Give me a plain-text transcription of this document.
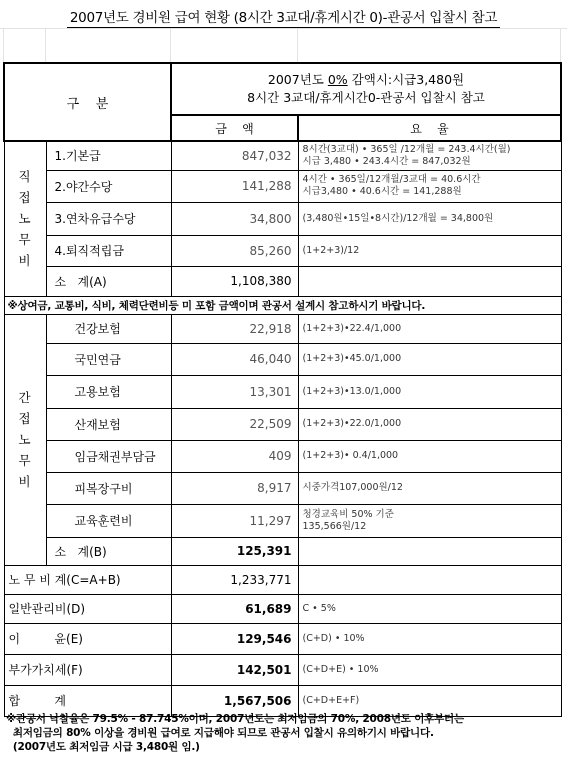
2007년도 경비원 급여 현황 (8시간 3교대/휴게시간 0)-관공서 입찰시 참고
구    분		2007년도 0% 감액시:시급3,480원
8시간 3교대/휴게시간0-관공서 입찰시 참고	
		금    액	요    율
직
접
노
무
비	1.기본급	847,032	8시간(3교대) • 365일 /12개월 = 243.4시간(월)
시급 3,480 • 243.4시간 = 847,032원
	2.야간수당	141,288	4시간 • 365일/12개월/3교대 = 40.6시간
시급3,480 • 40.6시간 = 141,288원
	3.연차유급수당	34,800	(3,480원•15일•8시간)/12개월 = 34,800원
	4.퇴직적립금	85,260	(1+2+3)/12
	소   계(A)	1,108,380	
※상여금, 교통비, 식비, 체력단련비등 미 포함 금액이며 관공서 설계시 참고하시기 바랍니다.			
간
접
노
무
비	건강보험	22,918	(1+2+3)•22.4/1,000
	국민연금	46,040	(1+2+3)•45.0/1,000
	고용보험	13,301	(1+2+3)•13.0/1,000
	산재보험	22,509	(1+2+3)•22.0/1,000
	임금채권부담금	409	(1+2+3)• 0.4/1,000
	피복장구비	8,917	시중가격107,000원/12
	교육훈련비	11,297	청경교육비 50% 기준
135,566원/12
	소   계(B)	125,391	
노 무 비 계(C=A+B)		1,233,771	
일반관리비(D)		61,689	C • 5%
이         윤(E)		129,546	(C+D) • 10%
부가가치세(F)		142,501	(C+D+E) • 10%
합         계		1,567,506	(C+D+E+F)
※관공서 낙찰율은 79.5% - 87.745%이며, 2007년도는 최저임금의 70%, 2008년도 이후부터는
최저임금의 80% 이상을 경비원 급여로 지급해야 되므로 관공서 입찰시 유의하기시 바랍니다.
(2007년도 최저임금 시급 3,480원 임.)
